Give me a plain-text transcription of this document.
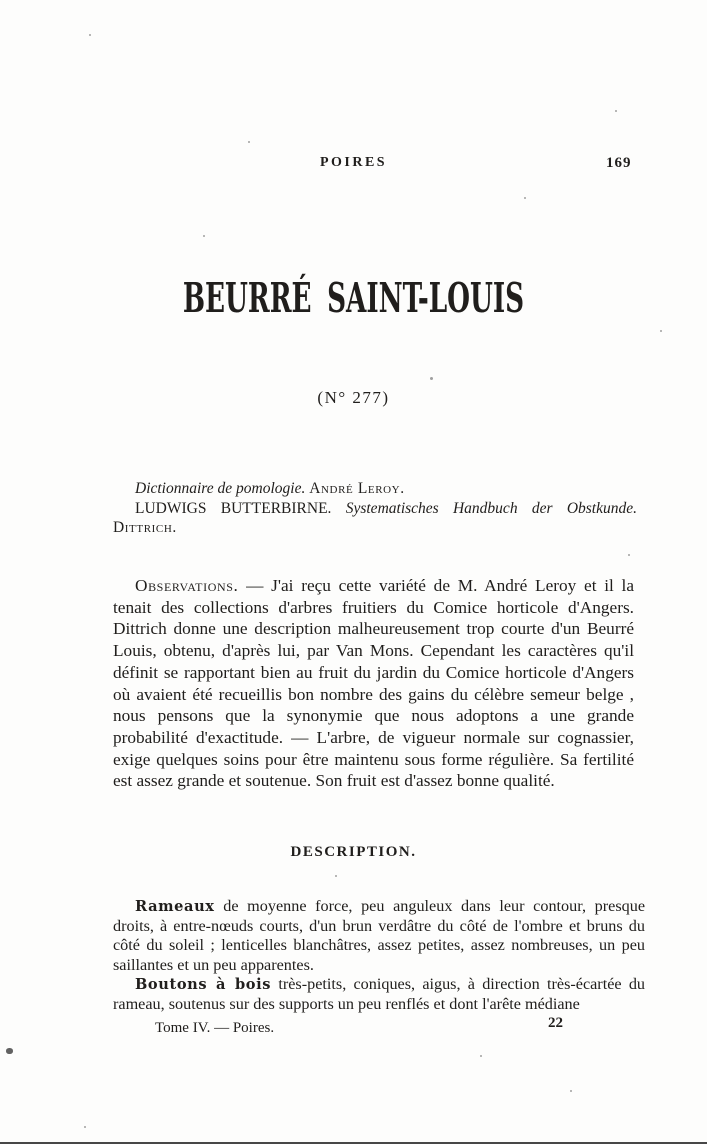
POIRES	169
BEURRÉ SAINT-LOUIS
(N° 277)

Dictionnaire de pomologie. André Leroy.

LUDWIGS BUTTERBIRNE. Systematisches Handbuch der Obstkunde. Dittrich.

Observations. — J'ai reçu cette variété de M. André Leroy et il la tenait des collections d'arbres fruitiers du Comice horticole d'Angers. Dittrich donne une description malheureusement trop courte d'un Beurré Louis, obtenu, d'après lui, par Van Mons. Cependant les caractères qu'il définit se rapportant bien au fruit du jardin du Comice horticole d'Angers où avaient été recueillis bon nombre des gains du célèbre semeur belge , nous pensons que la synonymie que nous adoptons a une grande probabilité d'exactitude. — L'arbre, de vigueur normale sur cognassier, exige quelques soins pour être maintenu sous forme régulière. Sa fertilité est assez grande et soutenue. Son fruit est d'assez bonne qualité.

DESCRIPTION.

Rameaux de moyenne force, peu anguleux dans leur contour, presque droits, à entre-nœuds courts, d'un brun verdâtre du côté de l'ombre et bruns du côté du soleil ; lenticelles blanchâtres, assez petites, assez nombreuses, un peu saillantes et un peu apparentes.

Boutons à bois très-petits, coniques, aigus, à direction très-écartée du rameau, soutenus sur des supports un peu renflés et dont l'arête médiane

Tome IV. — Poires.	22
